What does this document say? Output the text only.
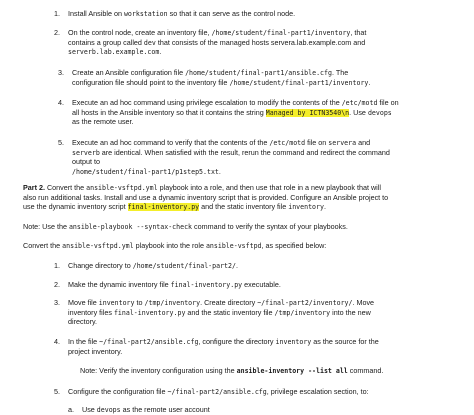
1. Install Ansible on workstation so that it can serve as the control node.
2. On the control node, create an inventory file, /home/student/final-part1/inventory, that

contains a group called dev that consists of the managed hosts servera.lab.example.com and

serverb.lab.example.com.

3. Create an Ansible configuration file /home/student/final-part1/ansible.cfg. The

configuration file should point to the inventory file /home/student/final-part1/inventory.

4. Execute an ad hoc command using privilege escalation to modify the contents of the /etc/motd file on

all hosts in the Ansible inventory so that it contains the string Managed by ICTN3540\n. Use devops

as the remote user.

5. Execute an ad hoc command to verify that the contents of the /etc/motd file on servera and

serverb are identical. When satisfied with the result, rerun the command and redirect the command

output to

/home/student/final-part1/p1step5.txt.

Part 2. Convert the ansible-vsftpd.yml playbook into a role, and then use that role in a new playbook that will

also run additional tasks. Install and use a dynamic inventory script that is provided. Configure an Ansible project to

use the dynamic inventory script final-inventory.py and the static inventory file inventory.

Note: Use the ansible-playbook --syntax-check command to verify the syntax of your playbooks.
Convert the ansible-vsftpd.yml playbook into the role ansible-vsftpd, as specified below:
1. Change directory to /home/student/final-part2/.
2. Make the dynamic inventory file final-inventory.py executable.
3. Move file inventory to /tmp/inventory. Create directory ~/final-part2/inventory/. Move

inventory files final-inventory.py and the static inventory file /tmp/inventory into the new

directory.

4. In the file ~/final-part2/ansible.cfg, configure the directory inventory as the source for the

project inventory.

Note: Verify the inventory configuration using the ansible-inventory --list all command.
5. Configure the configuration file ~/final-part2/ansible.cfg, privilege escalation section, to:
a. Use devops as the remote user account
